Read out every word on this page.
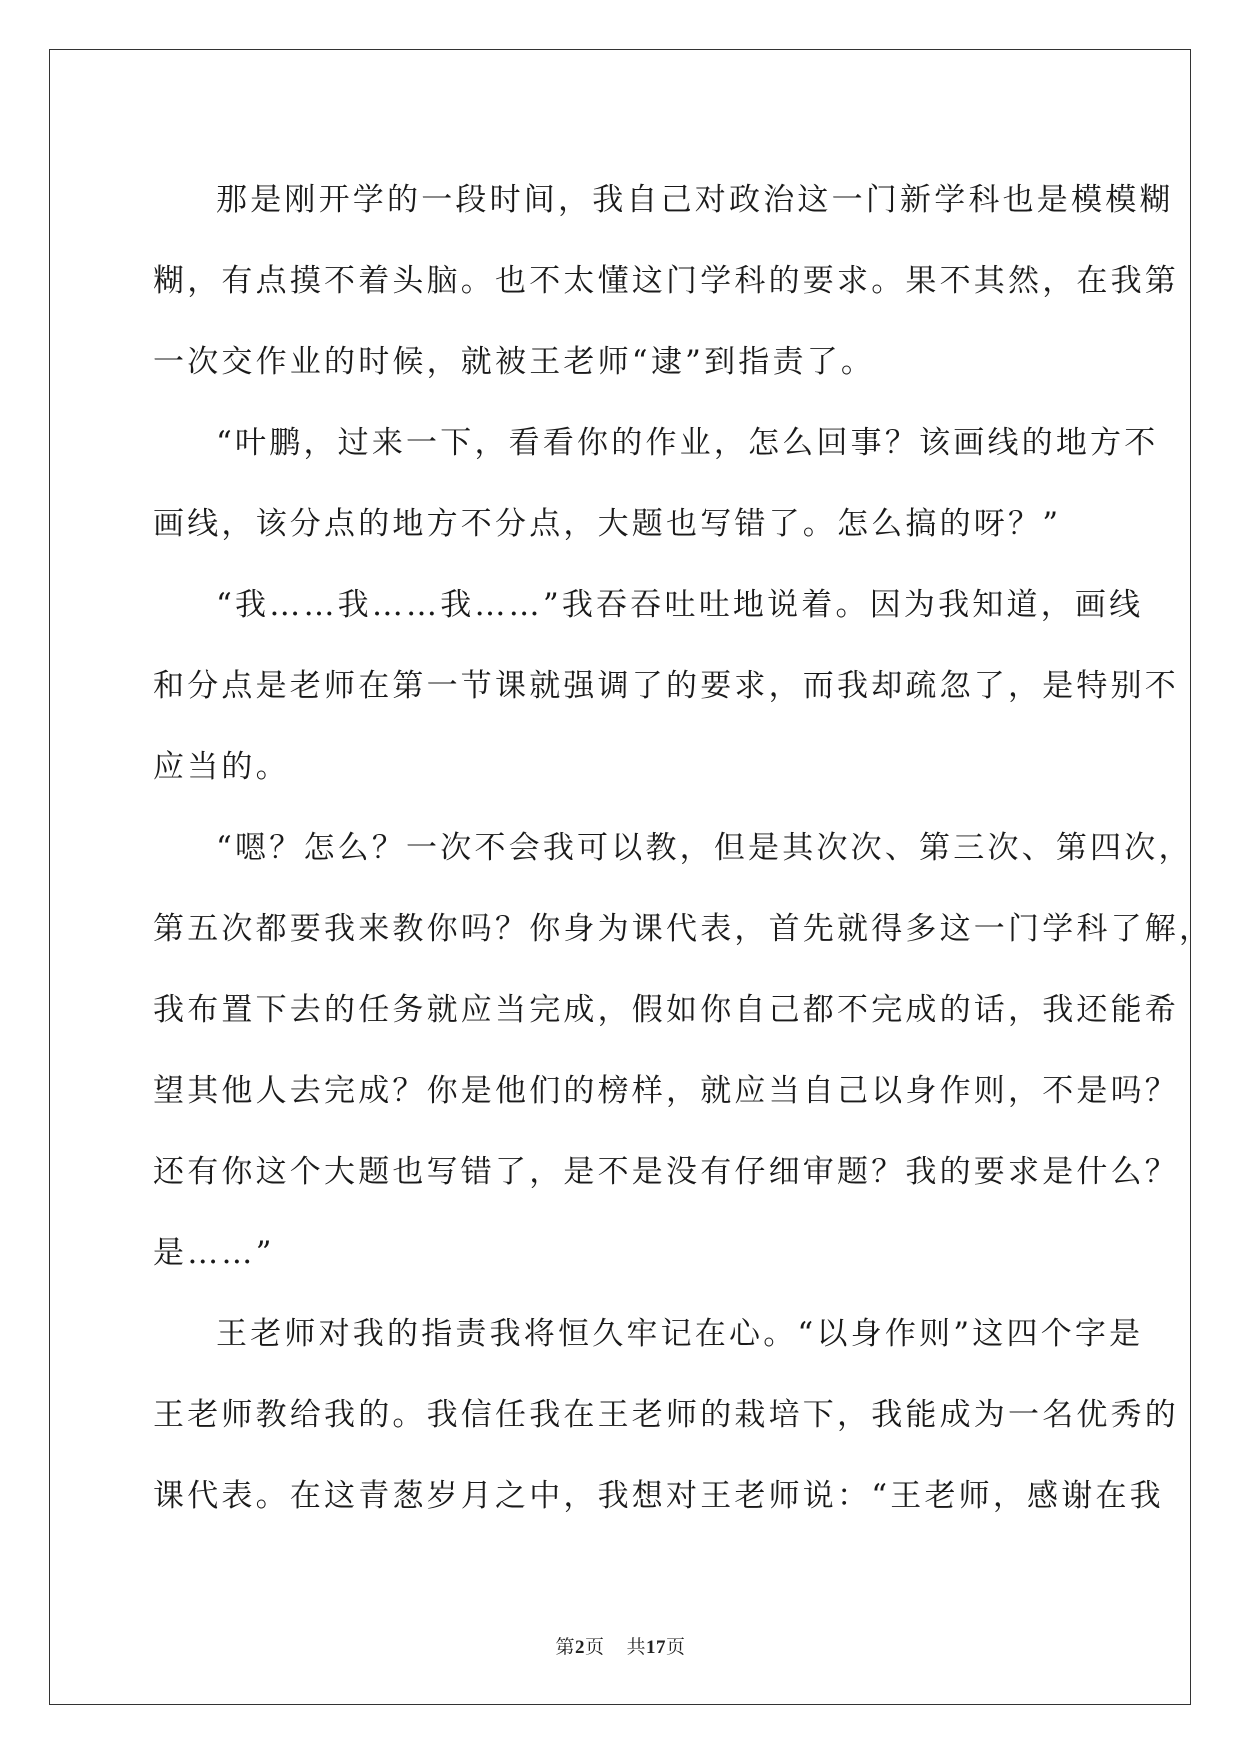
那是刚开学的一段时间，我自己对政治这一门新学科也是模模糊
糊，有点摸不着头脑。也不太懂这门学科的要求。果不其然，在我第
一次交作业的时候，就被王老师“逮”到指责了。
“叶鹏，过来一下，看看你的作业，怎么回事？该画线的地方不
画线，该分点的地方不分点，大题也写错了。怎么搞的呀？”
“我……我……我……”我吞吞吐吐地说着。因为我知道，画线
和分点是老师在第一节课就强调了的要求，而我却疏忽了，是特别不
应当的。
“嗯？怎么？一次不会我可以教，但是其次次、第三次、第四次，
第五次都要我来教你吗？你身为课代表，首先就得多这一门学科了解，
我布置下去的任务就应当完成，假如你自己都不完成的话，我还能希
望其他人去完成？你是他们的榜样，就应当自己以身作则，不是吗？
还有你这个大题也写错了，是不是没有仔细审题？我的要求是什么？
是……”
王老师对我的指责我将恒久牢记在心。“以身作则”这四个字是
王老师教给我的。我信任我在王老师的栽培下，我能成为一名优秀的
课代表。在这青葱岁月之中，我想对王老师说：“王老师，感谢在我
第2页 共17页
